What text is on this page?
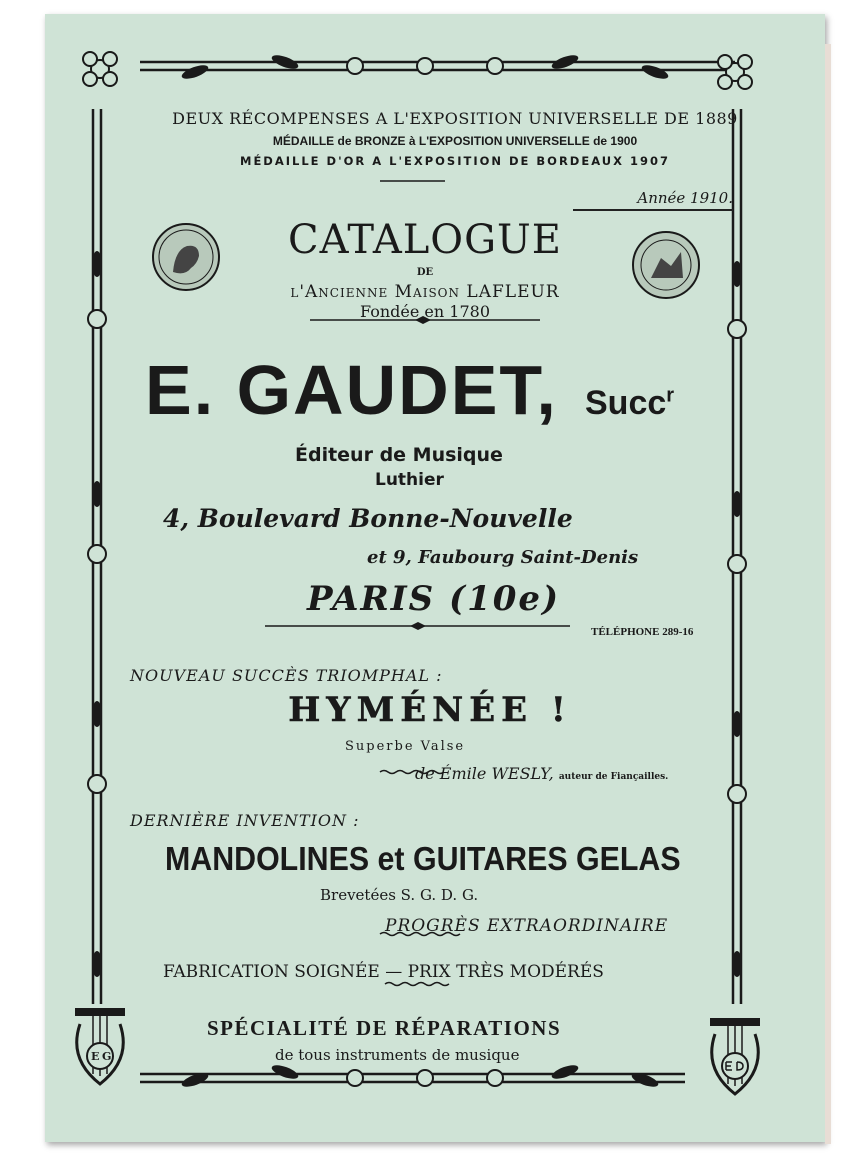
E G
DEUX RÉCOMPENSES A L'EXPOSITION UNIVERSELLE DE 1889
MÉDAILLE de BRONZE à L'EXPOSITION UNIVERSELLE de 1900
MÉDAILLE D'OR A L'EXPOSITION DE BORDEAUX 1907
Année 1910.
CATALOGUE
DE
l'Ancienne Maison LAFLEUR
Fondée en 1780
E. GAUDET, Succ$^r$
Éditeur de Musique
Luthier
4, Boulevard Bonne-Nouvelle
et 9, Faubourg Saint-Denis
PARIS (10e)
TÉLÉPHONE 289-16
NOUVEAU SUCCÈS TRIOMPHAL :
HYMÉNÉE !
Superbe Valse
de Émile WESLY, auteur de Fiançailles.
DERNIÈRE INVENTION :
MANDOLINES et GUITARES GELAS
Brevetées S. G. D. G.
PROGRÈS EXTRAORDINAIRE
FABRICATION SOIGNÉE — PRIX TRÈS MODÉRÉS
SPÉCIALITÉ DE RÉPARATIONS
de tous instruments de musique
